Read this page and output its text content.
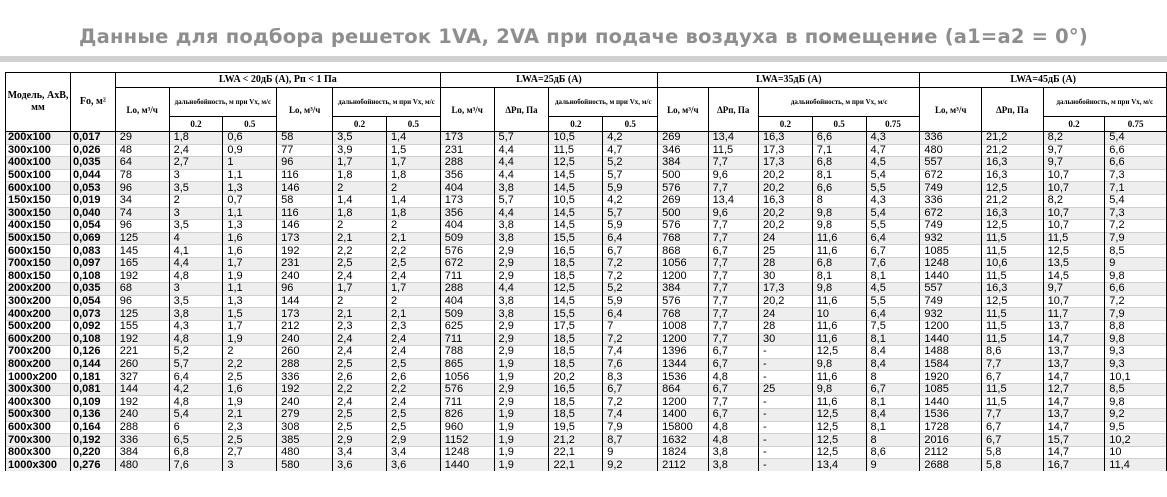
Данные для подбора решеток 1VA, 2VA при подаче воздуха в помещение (a1=a2 = 0°)
Модель, АхВ, мм	Fo, м²	LWA < 20дБ (А), Рп < 1 Па						LWA=25дБ (А)				LWA=35дБ (А)					LWA=45дБ (А)			
		Lo, м³/ч	дальнобойность, м при Vx, м/с		Lo, м³/ч	дальнобойность, м при Vx, м/с		Lo, м³/ч	ΔРп, Па	дальнобойность, м при Vx, м/с		Lo, м³/ч	ΔРп, Па	дальнобойность, м при Vx, м/с			Lo, м³/ч	ΔРп, Па	дальнобойность, м при Vx, м/с	
			0.2	0.5		0.2	0.5			0.2	0.5			0.2	0.5	0.75			0.2	0.75
200x100	0,017	29	1,8	0,6	58	3,5	1,4	173	5,7	10,5	4,2	269	13,4	16,3	6,6	4,3	336	21,2	8,2	5,4
300x100	0,026	48	2,4	0,9	77	3,9	1,5	231	4,4	11,5	4,7	346	11,5	17,3	7,1	4,7	480	21,2	9,7	6,6
400x100	0,035	64	2,7	1	96	1,7	1,7	288	4,4	12,5	5,2	384	7,7	17,3	6,8	4,5	557	16,3	9,7	6,6
500x100	0,044	78	3	1,1	116	1,8	1,8	356	4,4	14,5	5,7	500	9,6	20,2	8,1	5,4	672	16,3	10,7	7,3
600x100	0,053	96	3,5	1,3	146	2	2	404	3,8	14,5	5,9	576	7,7	20,2	6,6	5,5	749	12,5	10,7	7,1
150x150	0,019	34	2	0,7	58	1,4	1,4	173	5,7	10,5	4,2	269	13,4	16,3	8	4,3	336	21,2	8,2	5,4
300x150	0,040	74	3	1,1	116	1,8	1,8	356	4,4	14,5	5,7	500	9,6	20,2	9,8	5,4	672	16,3	10,7	7,3
400x150	0,054	96	3,5	1,3	146	2	2	404	3,8	14,5	5,9	576	7,7	20,2	9,8	5,5	749	12,5	10,7	7,2
500x150	0,069	125	4	1,6	173	2,1	2,1	509	3,8	15,5	6,4	768	7,7	24	11,6	6,4	932	11,5	11,5	7,9
600x150	0,083	145	4,1	1,6	192	2,2	2,2	576	2,9	16,5	6,7	868	6,7	25	11,6	6,7	1085	11,5	12,5	8,5
700x150	0,097	165	4,4	1,7	231	2,5	2,5	672	2,9	18,5	7,2	1056	7,7	28	6,8	7,6	1248	10,6	13,5	9
800x150	0,108	192	4,8	1,9	240	2,4	2,4	711	2,9	18,5	7,2	1200	7,7	30	8,1	8,1	1440	11,5	14,5	9,8
200x200	0,035	68	3	1,1	96	1,7	1,7	288	4,4	12,5	5,2	384	7,7	17,3	9,8	4,5	557	16,3	9,7	6,6
300x200	0,054	96	3,5	1,3	144	2	2	404	3,8	14,5	5,9	576	7,7	20,2	11,6	5,5	749	12,5	10,7	7,2
400x200	0,073	125	3,8	1,5	173	2,1	2,1	509	3,8	15,5	6,4	768	7,7	24	10	6,4	932	11,5	11,7	7,9
500x200	0,092	155	4,3	1,7	212	2,3	2,3	625	2,9	17,5	7	1008	7,7	28	11,6	7,5	1200	11,5	13,7	8,8
600x200	0,108	192	4,8	1,9	240	2,4	2,4	711	2,9	18,5	7,2	1200	7,7	30	11,6	8,1	1440	11,5	14,7	9,8
700x200	0,126	221	5,2	2	260	2,4	2,4	788	2,9	18,5	7,4	1396	6,7	-	12,5	8,4	1488	8,6	13,7	9,3
800x200	0,144	260	5,7	2,2	288	2,5	2,5	865	1,9	18,5	7,6	1344	6,7	-	9,8	8,4	1584	7,7	13,7	9,3
1000x200	0,181	327	6,4	2,5	336	2,6	2,6	1056	1,9	20,2	8,3	1536	4,8	-	11,6	8	1920	6,7	14,7	10,1
300x300	0,081	144	4,2	1,6	192	2,2	2,2	576	2,9	16,5	6,7	864	6,7	25	9,8	6,7	1085	11,5	12,7	8,5
400x300	0,109	192	4,8	1,9	240	2,4	2,4	711	2,9	18,5	7,2	1200	7,7	-	11,6	8,1	1440	11,5	14,7	9,8
500x300	0,136	240	5,4	2,1	279	2,5	2,5	826	1,9	18,5	7,4	1400	6,7	-	12,5	8,4	1536	7,7	13,7	9,2
600x300	0,164	288	6	2,3	308	2,5	2,5	960	1,9	19,5	7,9	15800	4,8	-	12,5	8,1	1728	6,7	14,7	9,5
700x300	0,192	336	6,5	2,5	385	2,9	2,9	1152	1,9	21,2	8,7	1632	4,8	-	12,5	8	2016	6,7	15,7	10,2
800x300	0,220	384	6,8	2,7	480	3,4	3,4	1248	1,9	22,1	9	1824	3,8	-	12,5	8,6	2112	5,8	14,7	10
1000x300	0,276	480	7,6	3	580	3,6	3,6	1440	1,9	22,1	9,2	2112	3,8	-	13,4	9	2688	5,8	16,7	11,4
